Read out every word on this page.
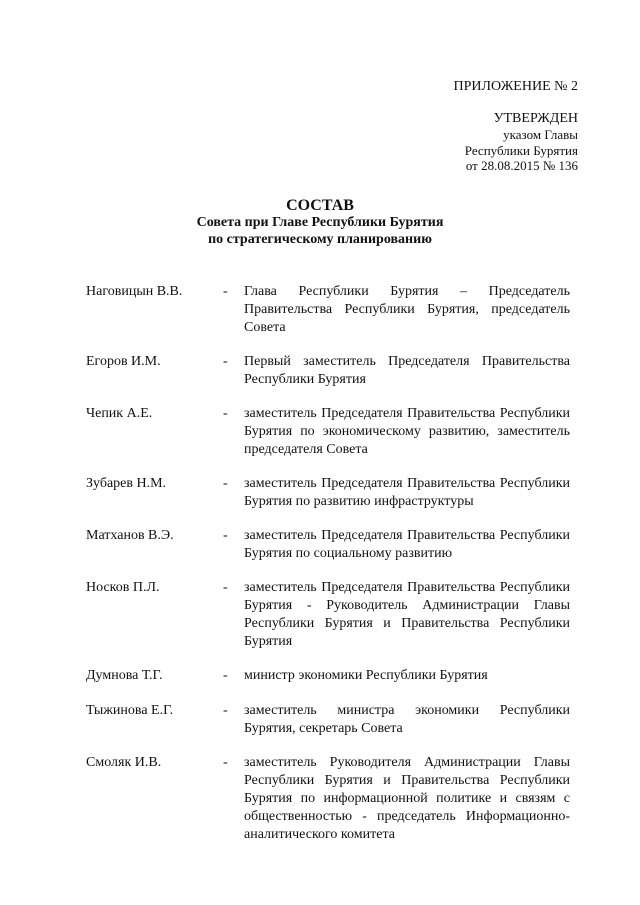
ПРИЛОЖЕНИЕ № 2
УТВЕРЖДЕН
указом Главы
Республики Бурятия
от 28.08.2015 № 136
СОСТАВ
Совета при Главе Республики Бурятия
по стратегическому планированию
Наговицын В.В.	- Глава Республики Бурятия – Председатель Правительства Республики Бурятия, председатель Совета
Егоров И.М.	- Первый заместитель Председателя Правительства Республики Бурятия
Чепик А.Е.	- заместитель Председателя Правительства Республики Бурятия по экономическому развитию, заместитель председателя Совета
Зубарев Н.М.	- заместитель Председателя Правительства Республики Бурятия по развитию инфраструктуры
Матханов В.Э.	- заместитель Председателя Правительства Республики Бурятия по социальному развитию
Носков П.Л.	- заместитель Председателя Правительства Республики Бурятия - Руководитель Администрации Главы Республики Бурятия и Правительства Республики Бурятия
Думнова Т.Г.	- министр экономики Республики Бурятия
Тыжинова Е.Г.	- заместитель министра экономики Республики Бурятия, секретарь Совета
Смоляк И.В.	- заместитель Руководителя Администрации Главы Республики Бурятия и Правительства Республики Бурятия по информационной политике и связям с общественностью - председатель Информационно-аналитического комитета
